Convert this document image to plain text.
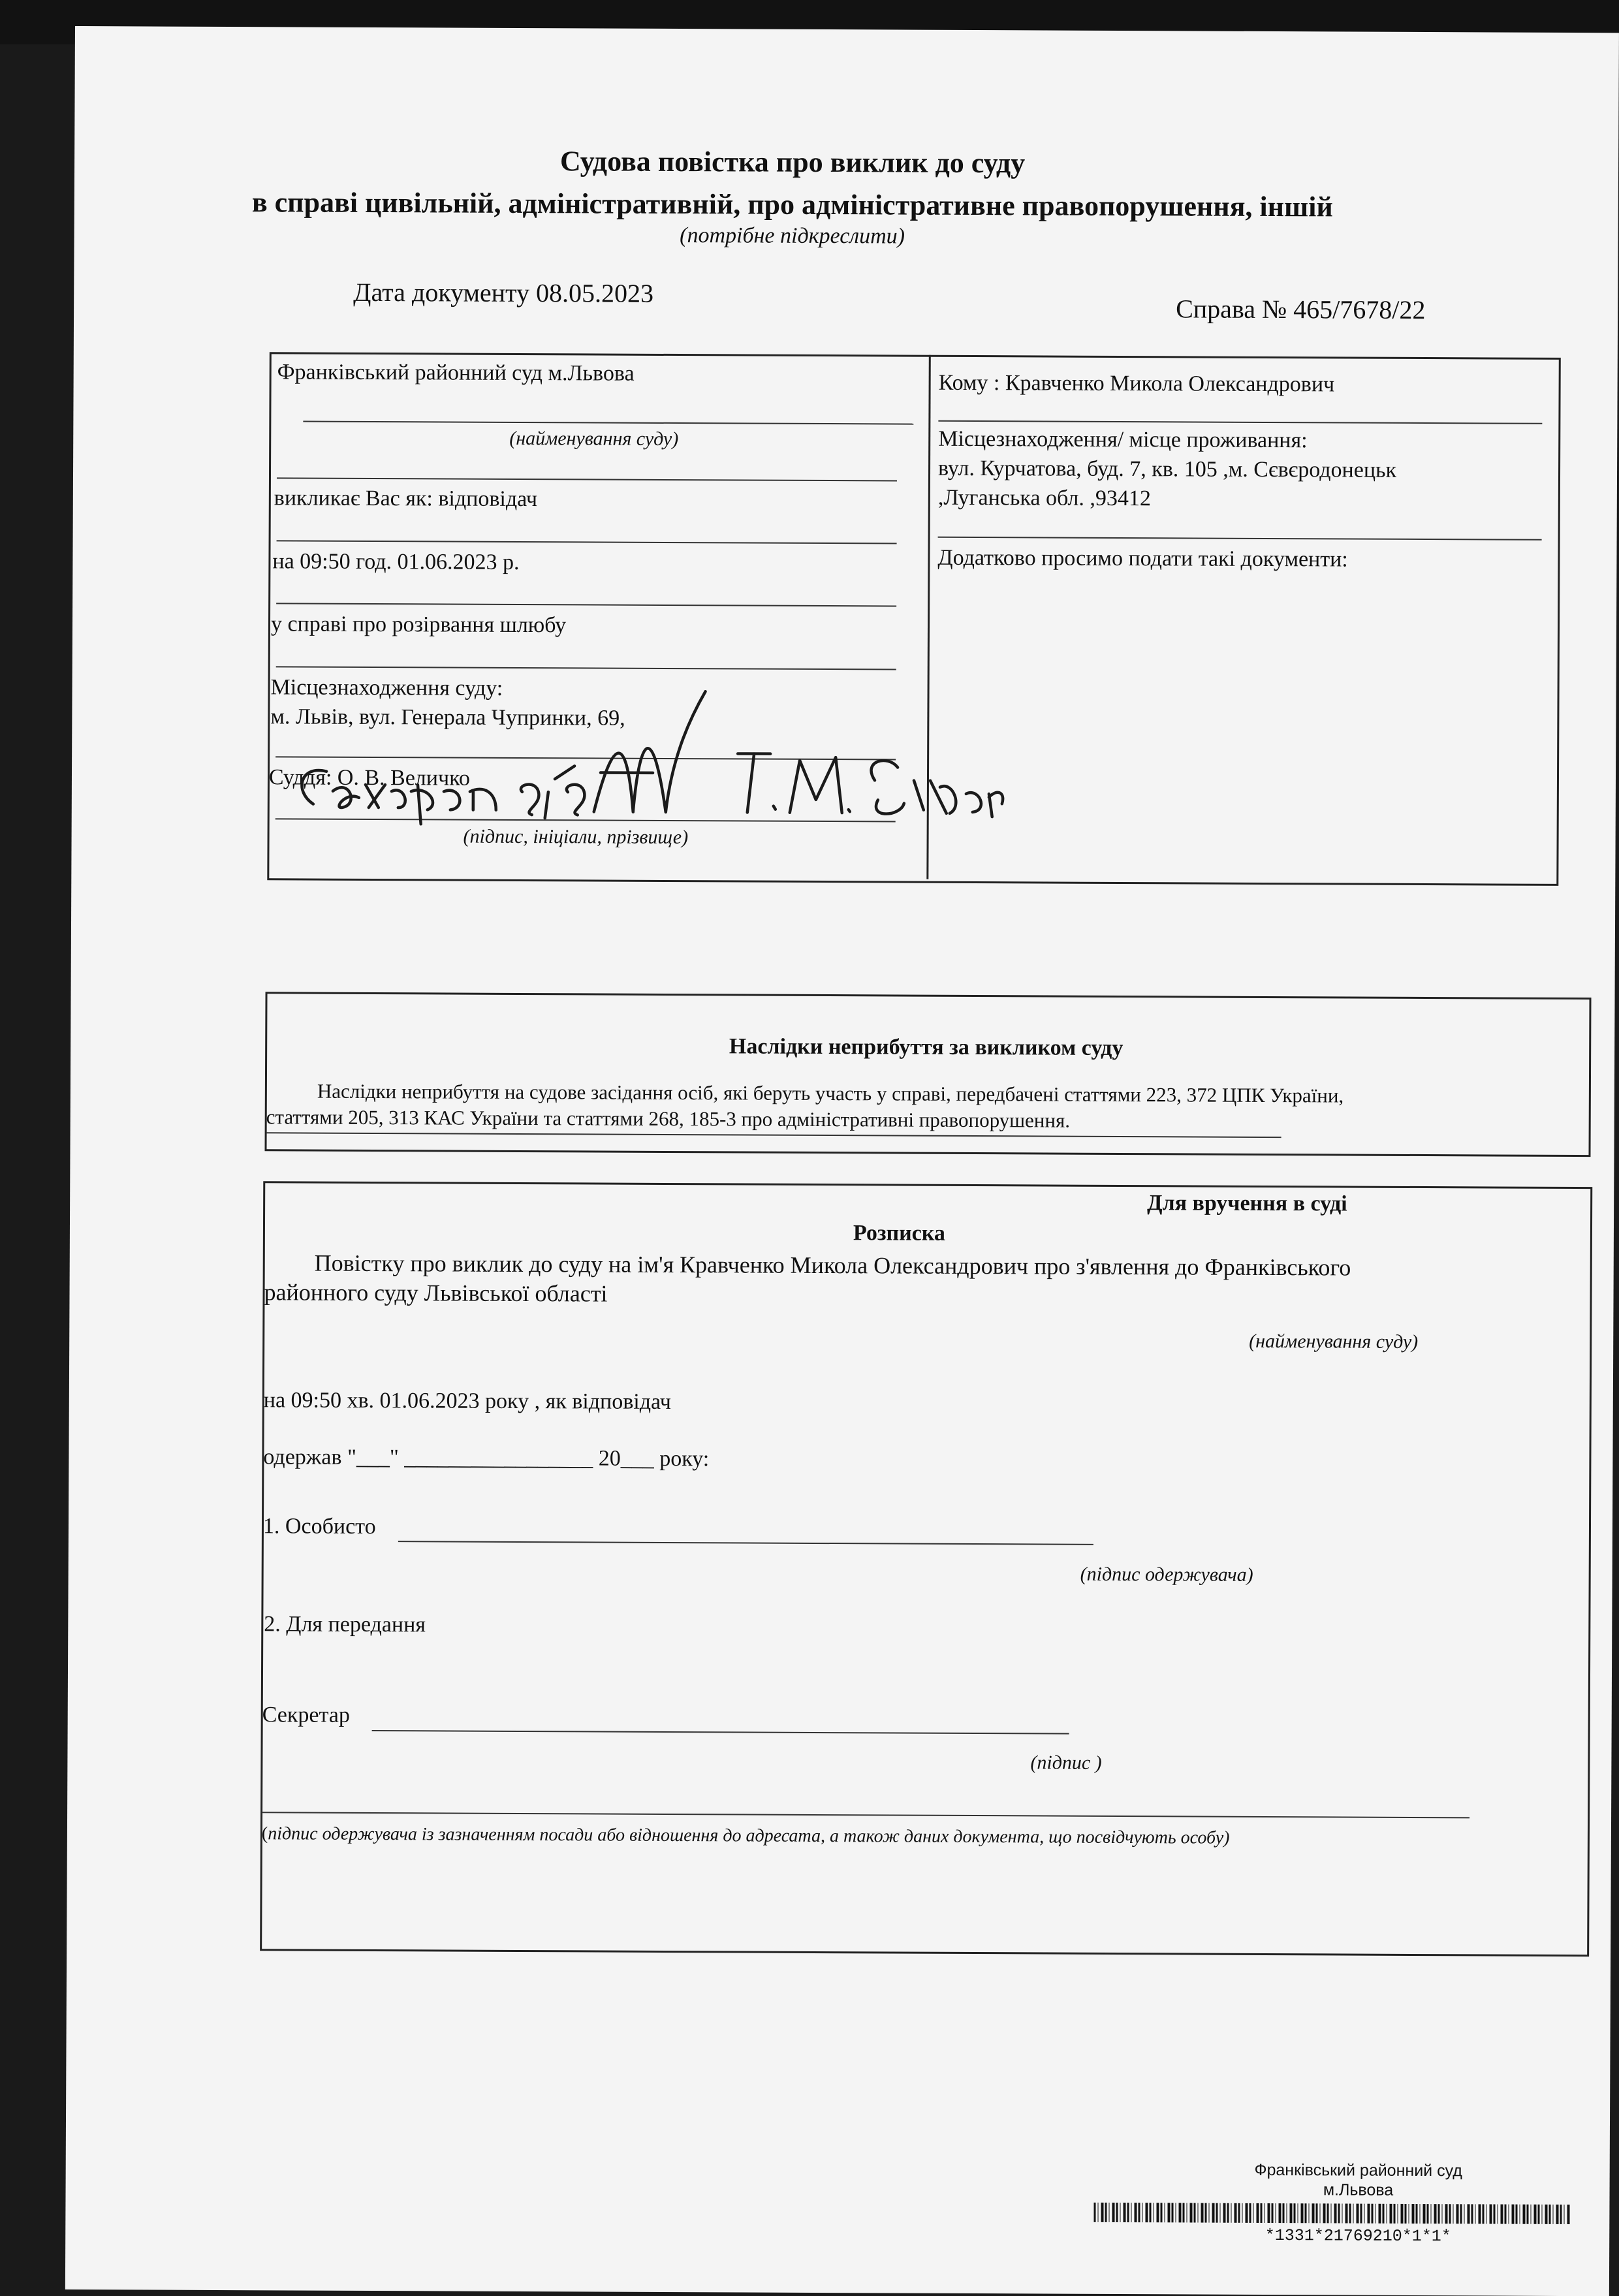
Судова повістка про виклик до суду
в справі цивільній, адміністративній, про адміністративне правопорушення, іншій
(потрібне підкреслити)
Дата документу 08.05.2023
Справа № 465/7678/22
Франківський районний суд м.Львова
(найменування суду)
викликає Вас як: відповідач
на 09:50 год. 01.06.2023 р.
у справі про розірвання шлюбу
Місцезнаходження суду:
м. Львів, вул. Генерала Чупринки, 69,
Суддя: О. В. Величко
(підпис, ініціали, прізвище)
Кому : Кравченко Микола Олександрович
Місцезнаходження/ місце проживання:
вул. Курчатова, буд. 7, кв. 105 ,м. Сєвєродонецьк
,Луганська обл. ,93412
Додатково просимо подати такі документи:
Наслідки неприбуття за викликом суду
Наслідки неприбуття на судове засідання осіб, які беруть участь у справі, передбачені статтями 223, 372 ЦПК України,
статтями 205, 313 КАС України та статтями 268, 185-3 про адміністративні правопорушення.
Для вручення в суді
Розписка
Повістку про виклик до суду на ім'я Кравченко Микола Олександрович про з'явлення до Франківського
районного суду Львівської області
(найменування суду)
на 09:50 хв. 01.06.2023 року , як відповідач
одержав "___" _________________ 20___ року:
1. Особисто
(підпис одержувача)
2. Для передання
Секретар
(підпис )
(підпис одержувача із зазначенням посади або відношення до адресата, а також даних документа, що посвідчують особу)
Франківський районний суд
м.Львова
*1331*21769210*1*1*
